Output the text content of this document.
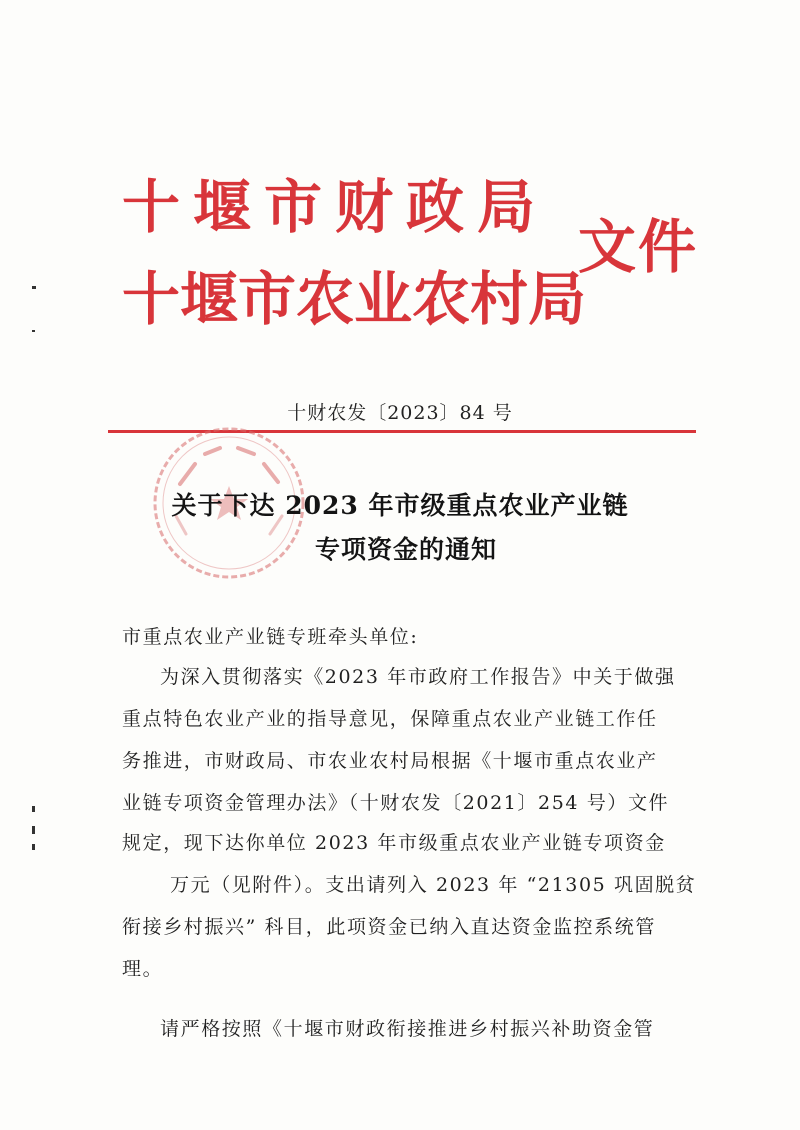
十堰市财政局
十堰市农业农村局
文件
十财农发〔2023〕84 号
关于下达 2023 年市级重点农业产业链
专项资金的通知
市重点农业产业链专班牵头单位:
为深入贯彻落实《2023 年市政府工作报告》中关于做强
重点特色农业产业的指导意见，保障重点农业产业链工作任
务推进，市财政局、市农业农村局根据《十堰市重点农业产
业链专项资金管理办法》（十财农发〔2021〕254 号）文件
规定，现下达你单位 2023 年市级重点农业产业链专项资金
万元（见附件）。支出请列入 2023 年 “21305 巩固脱贫
衔接乡村振兴” 科目，此项资金已纳入直达资金监控系统管
理。
请严格按照《十堰市财政衔接推进乡村振兴补助资金管
